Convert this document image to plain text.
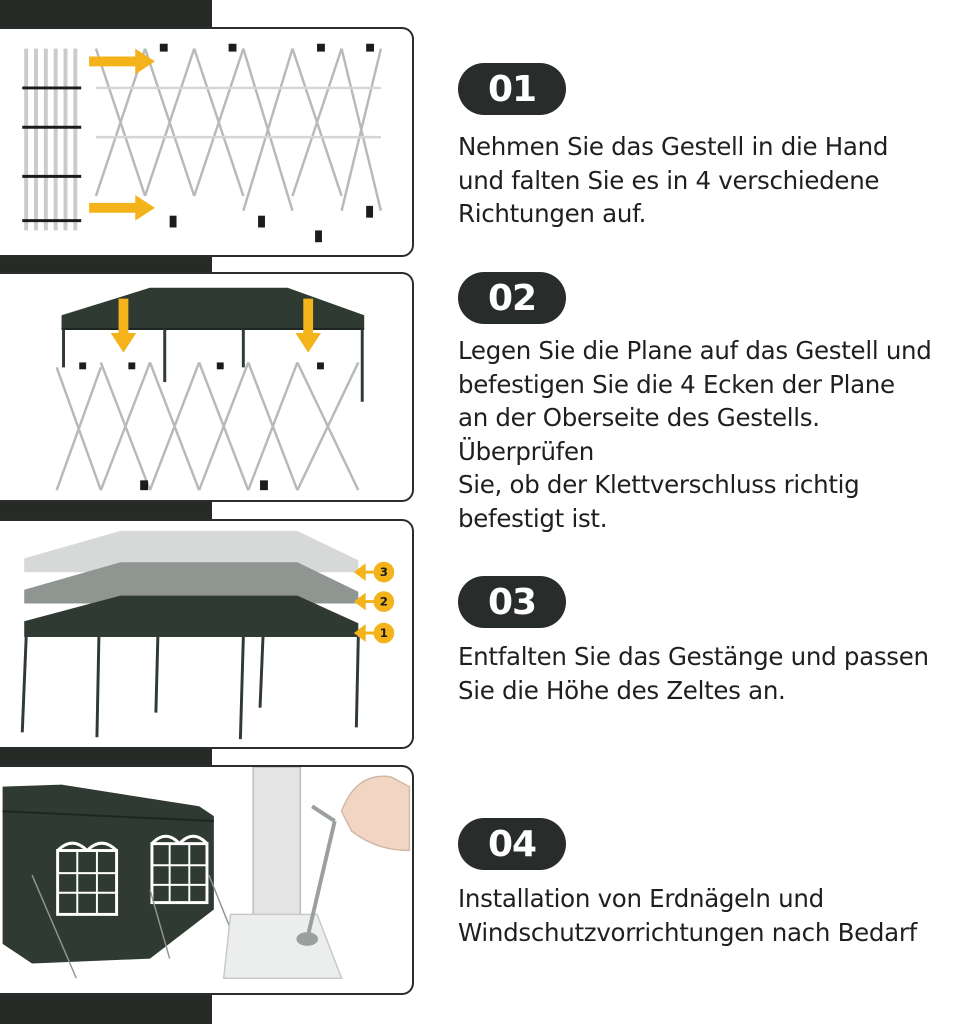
3
2
1
01
Nehmen Sie das Gestell in die Hand
und falten Sie es in 4 verschiedene
Richtungen auf.
02
Legen Sie die Plane auf das Gestell und
befestigen Sie die 4 Ecken der Plane
an der Oberseite des Gestells. Überprüfen
Sie, ob der Klettverschluss richtig
befestigt ist.
03
Entfalten Sie das Gestänge und passen
Sie die Höhe des Zeltes an.
04
Installation von Erdnägeln und
Windschutzvorrichtungen nach Bedarf
